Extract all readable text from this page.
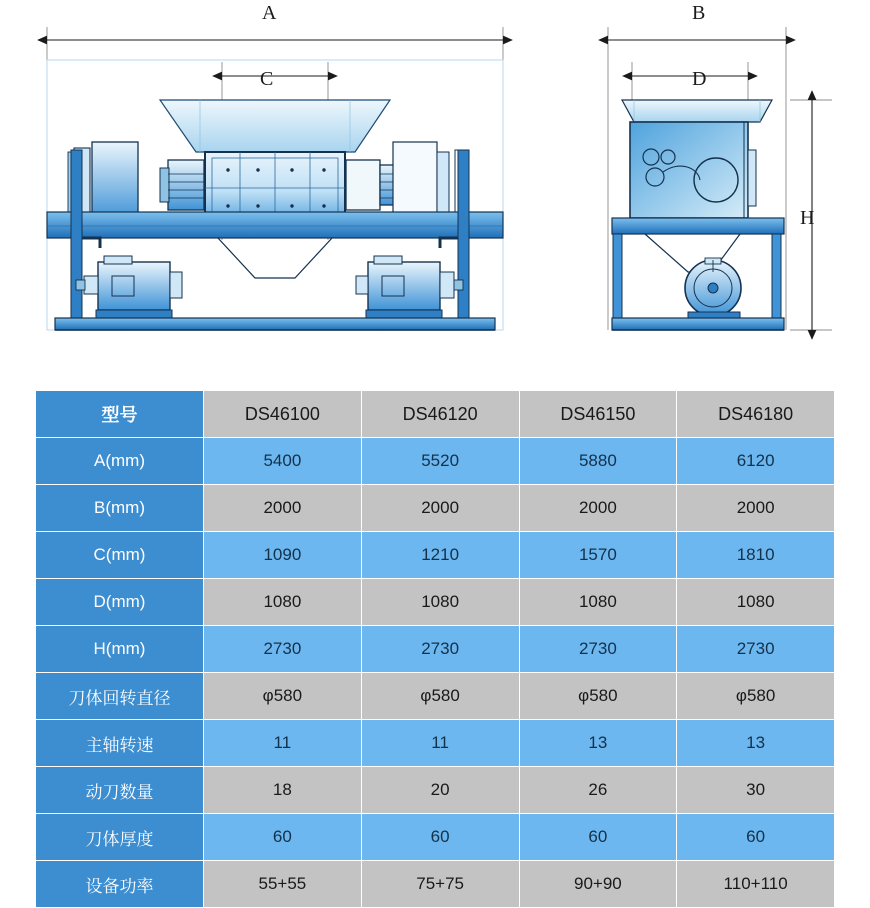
A
C
B
D
H
型号	DS46100	DS46120	DS46150	DS46180
A(mm)	5400	5520	5880	6120
B(mm)	2000	2000	2000	2000
C(mm)	1090	1210	1570	1810
D(mm)	1080	1080	1080	1080
H(mm)	2730	2730	2730	2730
刀体回转直径	φ580	φ580	φ580	φ580
主轴转速	11	11	13	13
动刀数量	18	20	26	30
刀体厚度	60	60	60	60
设备功率	55+55	75+75	90+90	110+110
